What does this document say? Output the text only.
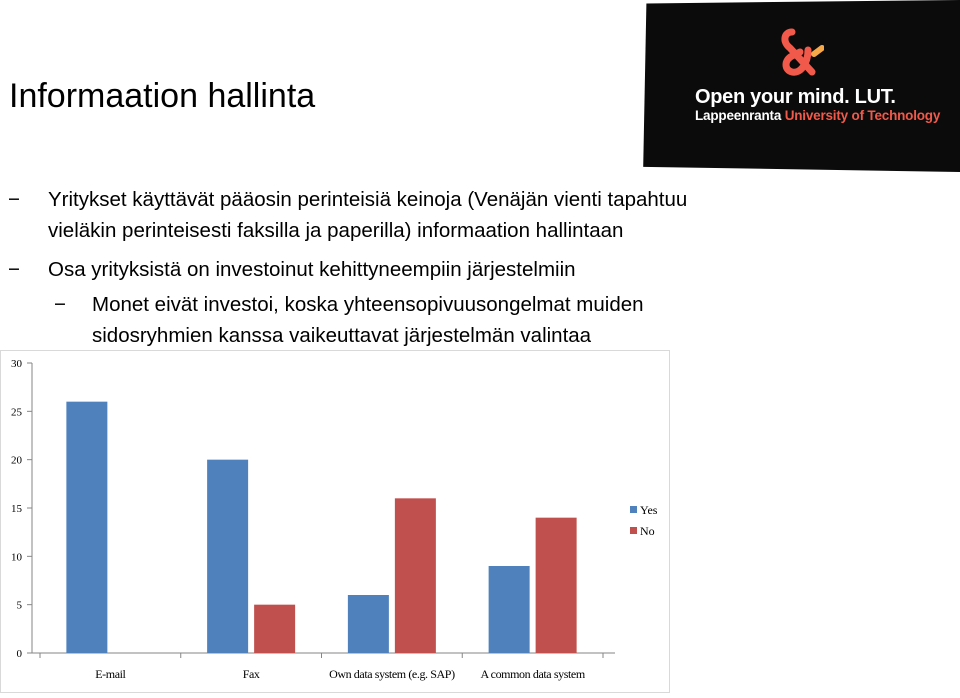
Informaation hallinta	Open your mind. LUT.
Lappeenranta University of Technology
− Yritykset käyttävät pääosin perinteisiä keinoja (Venäjän vienti tapahtuu
vieläkin perinteisesti faksilla ja paperilla) informaation hallintaan
− Osa yrityksistä on investoinut kehittyneempiin järjestelmiin
− Monet eivät investoi, koska yhteensopivuusongelmat muiden
sidosryhmien kanssa vaikeuttavat järjestelmän valintaa
0
5
10
15
20
25
30
E-mail	Fax	Own data system (e.g. SAP) A common data system
Yes
No
